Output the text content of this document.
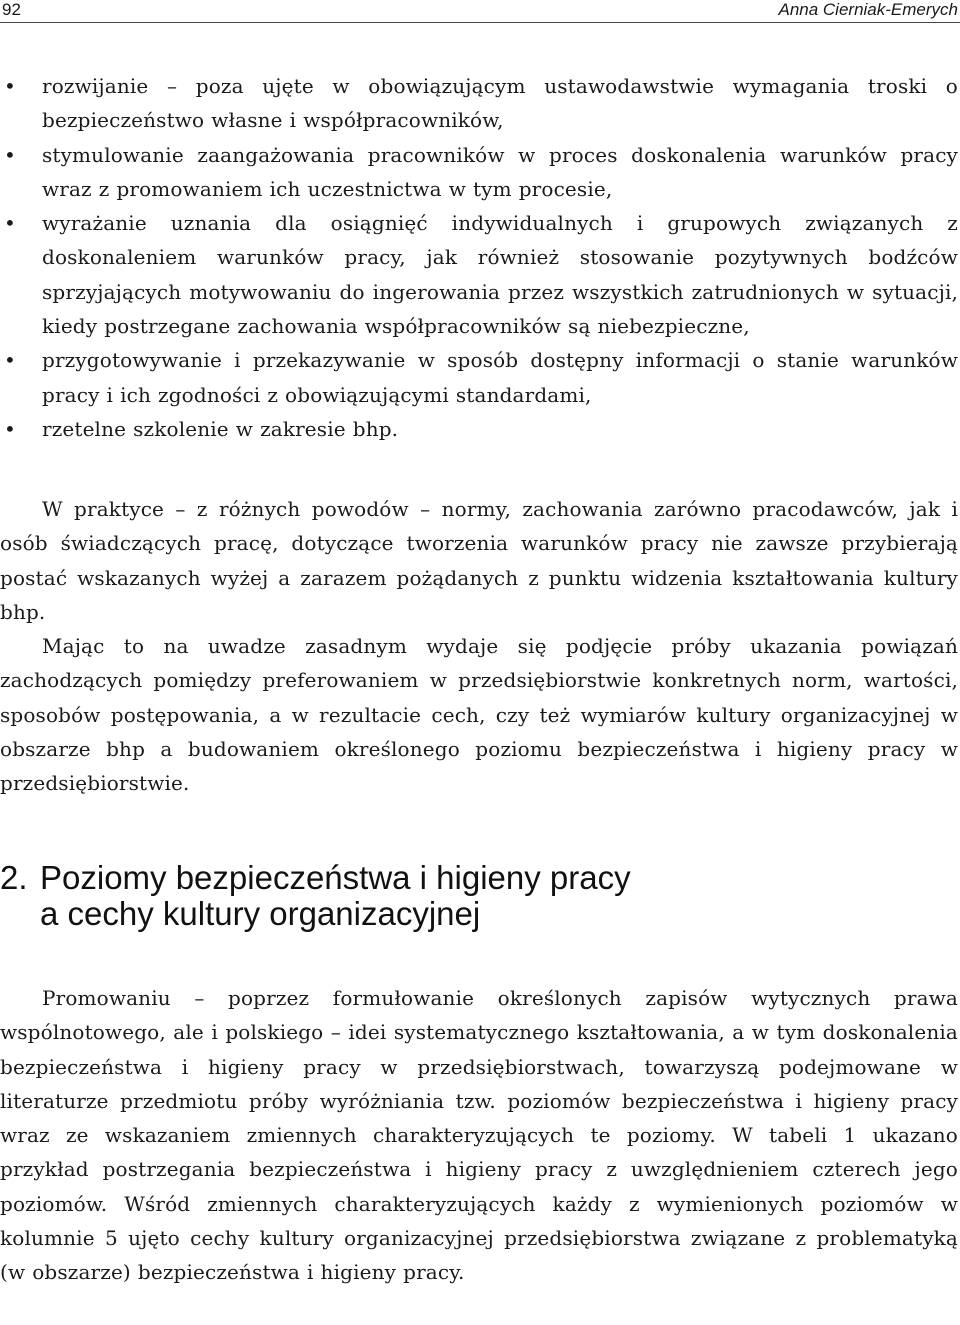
92	Anna Cierniak-Emerych
• rozwijanie – poza ujęte w obowiązującym ustawodawstwie wymagania troski o bezpieczeństwo własne i współpracowników,
• stymulowanie zaangażowania pracowników w proces doskonalenia warunków pracy wraz z promowaniem ich uczestnictwa w tym procesie,
• wyrażanie uznania dla osiągnięć indywidualnych i grupowych związanych z doskonaleniem warunków pracy, jak również stosowanie pozytywnych bodźców sprzyjających motywowaniu do ingerowania przez wszystkich zatrudnionych w sytuacji, kiedy postrzegane zachowania współpracowników są niebezpieczne,
• przygotowywanie i przekazywanie w sposób dostępny informacji o stanie warunków pracy i ich zgodności z obowiązującymi standardami,
• rzetelne szkolenie w zakresie bhp.

W praktyce – z różnych powodów – normy, zachowania zarówno pracodawców, jak i osób świadczących pracę, dotyczące tworzenia warunków pracy nie zawsze przybierają postać wskazanych wyżej a zarazem pożądanych z punktu widzenia kształtowania kultury bhp.

Mając to na uwadze zasadnym wydaje się podjęcie próby ukazania powiązań zachodzących pomiędzy preferowaniem w przedsiębiorstwie konkretnych norm, wartości, sposobów postępowania, a w rezultacie cech, czy też wymiarów kultury organizacyjnej w obszarze bhp a budowaniem określonego poziomu bezpieczeństwa i higieny pracy w przedsiębiorstwie.

2. Poziomy bezpieczeństwa i higieny pracy
a cechy kultury organizacyjnej

Promowaniu – poprzez formułowanie określonych zapisów wytycznych prawa wspólnotowego, ale i polskiego – idei systematycznego kształtowania, a w tym doskonalenia bezpieczeństwa i higieny pracy w przedsiębiorstwach, towarzyszą podejmowane w literaturze przedmiotu próby wyróżniania tzw. poziomów bezpieczeństwa i higieny pracy wraz ze wskazaniem zmiennych charakteryzujących te poziomy. W tabeli 1 ukazano przykład postrzegania bezpieczeństwa i higieny pracy z uwzględnieniem czterech jego poziomów. Wśród zmiennych charakteryzujących każdy z wymienionych poziomów w kolumnie 5 ujęto cechy kultury organizacyjnej przedsiębiorstwa związane z problematyką (w obszarze) bezpieczeństwa i higieny pracy.
